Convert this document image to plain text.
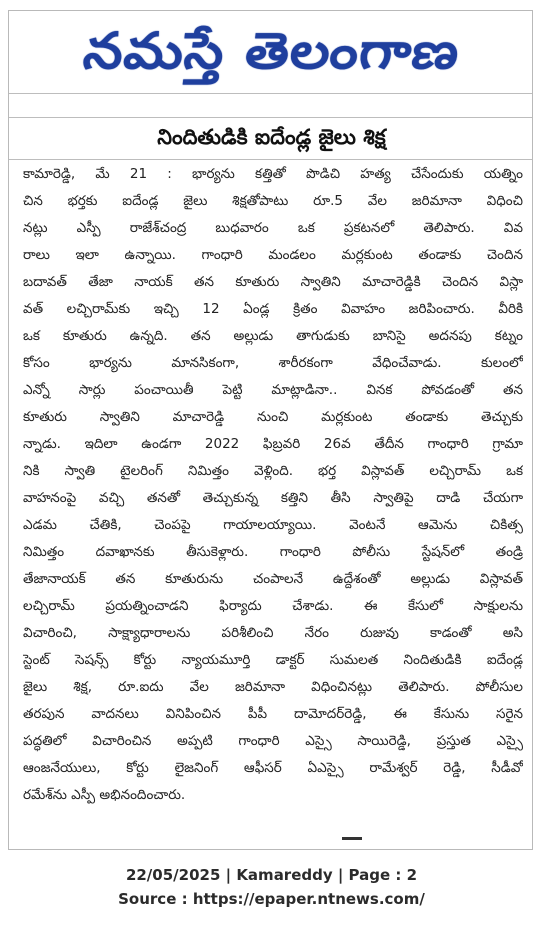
నమస్తే తెలంగాణ
నిందితుడికి ఐదేండ్ల జైలు శిక్ష
కామారెడ్డి, మే 21 : భార్యను కత్తితో పొడిచి హత్య చేసేందుకు యత్నిం
చిన భర్తకు ఐదేండ్ల జైలు శిక్షతోపాటు రూ.5 వేల జరిమానా విధించి
నట్లు ఎస్పీ రాజేశ్‌చంద్ర బుధవారం ఒక ప్రకటనలో తెలిపారు. వివ
రాలు ఇలా ఉన్నాయి. గాంధారి మండలం మర్లకుంట తండాకు చెందిన
బదావత్ తేజా నాయక్ తన కూతురు స్వాతిని మాచారెడ్డికి చెందిన విస్లా
వత్ లచ్చిరామ్‌కు ఇచ్చి 12 ఏండ్ల క్రితం వివాహం జరిపించారు. వీరికి
ఒక కూతురు ఉన్నది. తన అల్లుడు తాగుడుకు బానిసై అదనపు కట్నం
కోసం భార్యను మానసికంగా, శారీరకంగా వేధించేవాడు. కులంలో
ఎన్నో సార్లు పంచాయితీ పెట్టి మాట్లాడినా.. వినక పోవడంతో తన
కూతురు స్వాతిని మాచారెడ్డి నుంచి మర్లకుంట తండాకు తెచ్చుకు
న్నాడు. ఇదిలా ఉండగా 2022 ఫిబ్రవరి 26వ తేదీన గాంధారి గ్రామా
నికి స్వాతి టైలరింగ్ నిమిత్తం వెళ్లింది. భర్త విస్లావత్ లచ్చిరామ్ ఒక
వాహనంపై వచ్చి తనతో తెచ్చుకున్న కత్తిని తీసి స్వాతిపై దాడి చేయగా
ఎడమ చేతికి, చెంపపై గాయాలయ్యాయి. వెంటనే ఆమెను చికిత్స
నిమిత్తం దవాఖానకు తీసుకెళ్లారు. గాంధారి పోలీసు స్టేషన్‌లో తండ్రి
తేజానాయక్ తన కూతురును చంపాలనే ఉద్దేశంతో అల్లుడు విస్లావత్
లచ్చిరామ్ ప్రయత్నించాడని ఫిర్యాదు చేశాడు. ఈ కేసులో సాక్షులను
విచారించి, సాక్ష్యాధారాలను పరిశీలించి నేరం రుజువు కాడంతో అసి
స్టెంట్ సెషన్స్ కోర్టు న్యాయమూర్తి డాక్టర్ సుమలత నిందితుడికి ఐదేండ్ల
జైలు శిక్ష, రూ.ఐదు వేల జరిమానా విధించినట్లు తెలిపారు. పోలీసుల
తరపున వాదనలు వినిపించిన పీపీ దామోదర్‌రెడ్డి, ఈ కేసును సరైన
పద్ధతిలో విచారించిన అప్పటి గాంధారి ఎస్సై సాయిరెడ్డి, ప్రస్తుత ఎస్సై
ఆంజనేయులు, కోర్టు లైజనింగ్ ఆఫీసర్ ఏఎస్సై రామేశ్వర్ రెడ్డి, సీడీవో
రమేశ్‌ను ఎస్పీ అభినందించారు.
22/05/2025 | Kamareddy | Page : 2
Source : https://epaper.ntnews.com/
